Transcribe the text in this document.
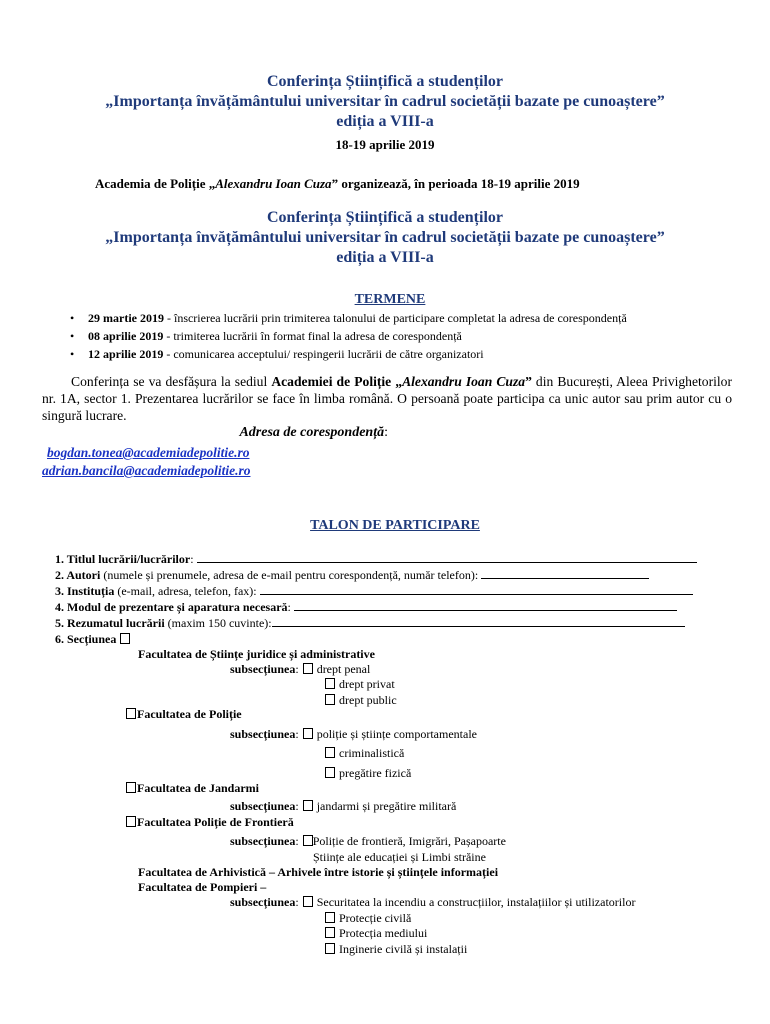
Conferința Științifică a studenților
„Importanța învățământului universitar în cadrul societății bazate pe cunoaștere”
ediția a VIII-a
18-19 aprilie 2019
Academia de Poliție „Alexandru Ioan Cuza” organizează, în perioada 18-19 aprilie 2019
Conferința Științifică a studenților
„Importanța învățământului universitar în cadrul societății bazate pe cunoaștere”
ediția a VIII-a
TERMENE
• 29 martie 2019 - înscrierea lucrării prin trimiterea talonului de participare completat la adresa de corespondență
• 08 aprilie 2019 - trimiterea lucrării în format final la adresa de corespondență
• 12 aprilie 2019 - comunicarea acceptului/ respingerii lucrării de către organizatori
Conferința se va desfășura la sediul Academiei de Poliție „Alexandru Ioan Cuza” din București, Aleea Privighetorilor nr. 1A, sector 1. Prezentarea lucrărilor se face în limba română. O persoană poate participa ca unic autor sau prim autor cu o singură lucrare.
Adresa de corespondență:
bogdan.tonea@academiadepolitie.ro
adrian.bancila@academiadepolitie.ro
TALON DE PARTICIPARE
1. Titlul lucrării/lucrărilor:
2. Autori (numele și prenumele, adresa de e-mail pentru corespondență, număr telefon):
3. Instituția (e-mail, adresa, telefon, fax):
4. Modul de prezentare și aparatura necesară:
5. Rezumatul lucrării (maxim 150 cuvinte):
6. Secțiunea
Facultatea de Științe juridice și administrative
subsecțiunea: drept penal
drept privat
drept public
Facultatea de Poliție
subsecțiunea: poliție și științe comportamentale
criminalistică
pregătire fizică
Facultatea de Jandarmi
subsecțiunea: jandarmi și pregătire militară
Facultatea Poliție de Frontieră
subsecțiunea: Poliție de frontieră, Imigrări, Pașapoarte
Științe ale educației și Limbi străine
Facultatea de Arhivistică – Arhivele între istorie și științele informației
Facultatea de Pompieri –
subsecțiunea: Securitatea la incendiu a construcțiilor, instalațiilor și utilizatorilor
Protecție civilă
Protecția mediului
Inginerie civilă și instalații
